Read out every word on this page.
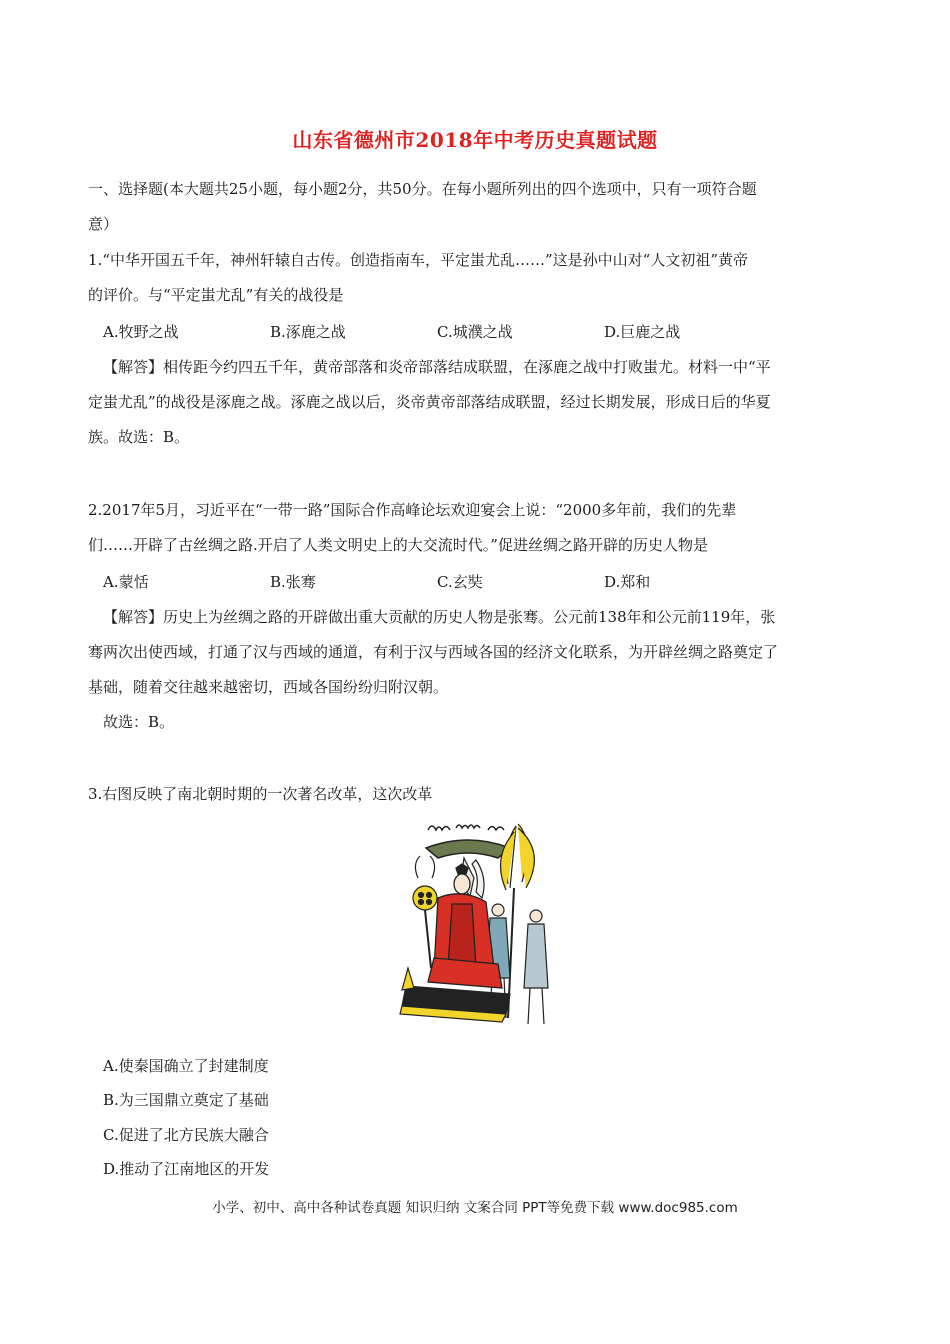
山东省德州市2018年中考历史真题试题
一、选择题(本大题共25小题，每小题2分，共50分。在每小题所列出的四个选项中，只有一项符合题
意）
1.“中华开国五千年，神州轩辕自古传。创造指南车，平定蚩尤乱……”这是孙中山对“人文初祖”黄帝
的评价。与“平定蚩尤乱”有关的战役是
A.牧野之战	B.涿鹿之战	C.城濮之战	D.巨鹿之战
【解答】相传距今约四五千年，黄帝部落和炎帝部落结成联盟，在涿鹿之战中打败蚩尤。材料一中“平
定蚩尤乱”的战役是涿鹿之战。涿鹿之战以后，炎帝黄帝部落结成联盟，经过长期发展，形成日后的华夏
族。故选：B。
2.2017年5月，习近平在“一带一路”国际合作高峰论坛欢迎宴会上说：“2000多年前，我们的先辈
们……开辟了古丝绸之路.开启了人类文明史上的大交流时代。”促进丝绸之路开辟的历史人物是
A.蒙恬	B.张骞	C.玄奘	D.郑和
【解答】历史上为丝绸之路的开辟做出重大贡献的历史人物是张骞。公元前138年和公元前119年，张
骞两次出使西域，打通了汉与西域的通道，有利于汉与西域各国的经济文化联系，为开辟丝绸之路奠定了
基础，随着交往越来越密切，西域各国纷纷归附汉朝。
故选：B。
3.右图反映了南北朝时期的一次著名改革，这次改革
A.使秦国确立了封建制度
B.为三国鼎立奠定了基础
C.促进了北方民族大融合
D.推动了江南地区的开发
小学、初中、高中各种试卷真题 知识归纳 文案合同 PPT等免费下载 www.doc985.com
